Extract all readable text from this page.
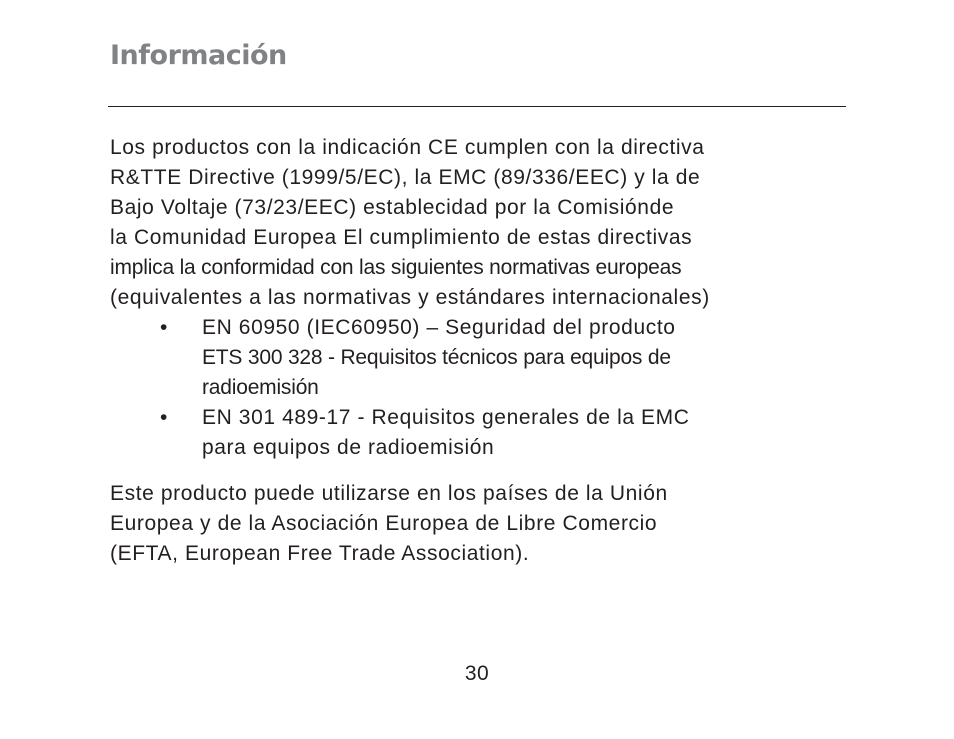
Información

Los productos con la indicación CE cumplen con la directiva

R&TTE Directive (1999/5/EC), la EMC (89/336/EEC) y la de

Bajo Voltaje (73/23/EEC) establecidad por la Comisiónde

la Comunidad Europea El cumplimiento de estas directivas

implica la conformidad con las siguientes normativas europeas

(equivalentes a las normativas y estándares internacionales)

• EN 60950 (IEC60950) – Seguridad del producto
ETS 300 328 - Requisitos técnicos para equipos de
radioemisión
• EN 301 489-17 - Requisitos generales de la EMC
para equipos de radioemisión

Este producto puede utilizarse en los países de la Unión

Europea y de la Asociación Europea de Libre Comercio

(EFTA, European Free Trade Association).

30
